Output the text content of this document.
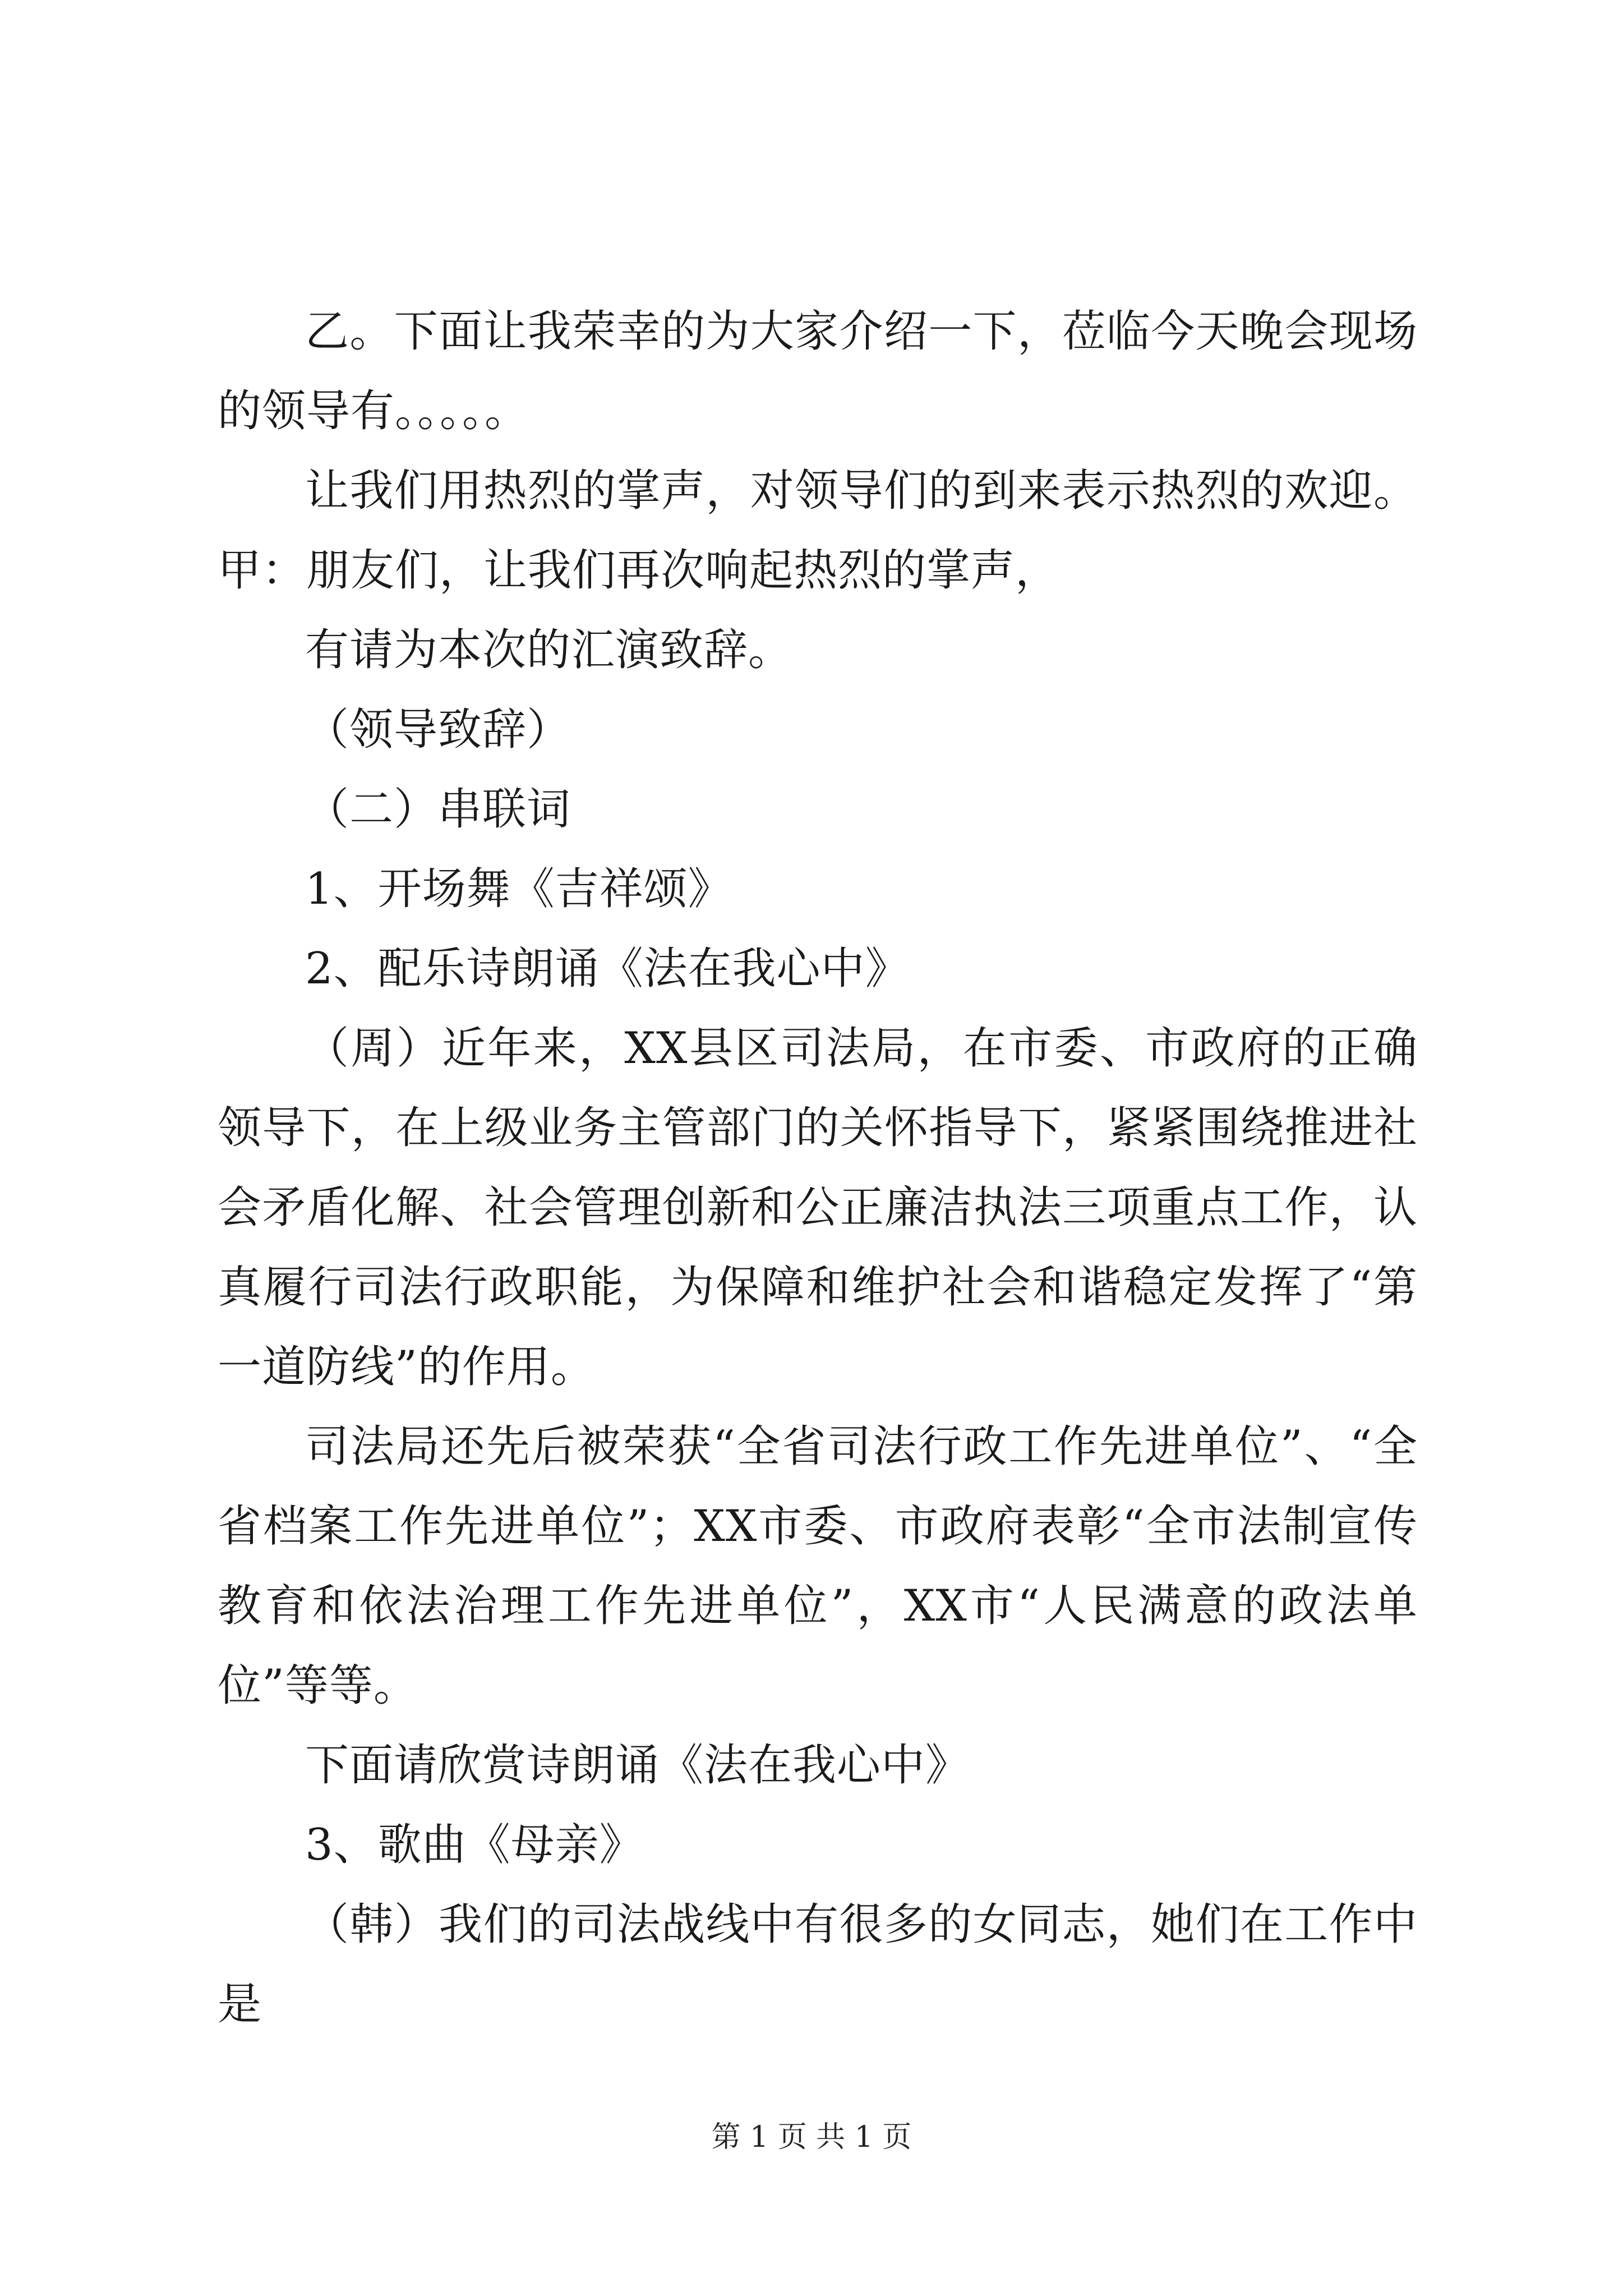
乙。下面让我荣幸的为大家介绍一下，莅临今天晚会现场的领导有。。。。。

让我们用热烈的掌声，对领导们的到来表示热烈的欢迎。甲：朋友们，让我们再次响起热烈的掌声，

有请为本次的汇演致辞。

（领导致辞）

（二）串联词

1、开场舞《吉祥颂》

2、配乐诗朗诵《法在我心中》

（周）近年来，XX县区司法局，在市委、市政府的正确领导下，在上级业务主管部门的关怀指导下，紧紧围绕推进社会矛盾化解、社会管理创新和公正廉洁执法三项重点工作，认真履行司法行政职能，为保障和维护社会和谐稳定发挥了“第一道防线”的作用。

司法局还先后被荣获“全省司法行政工作先进单位”、“全省档案工作先进单位”；XX市委、市政府表彰“全市法制宣传教育和依法治理工作先进单位”，XX市“人民满意的政法单位”等等。

下面请欣赏诗朗诵《法在我心中》

3、歌曲《母亲》

（韩）我们的司法战线中有很多的女同志，她们在工作中是

第 1 页 共 1 页
